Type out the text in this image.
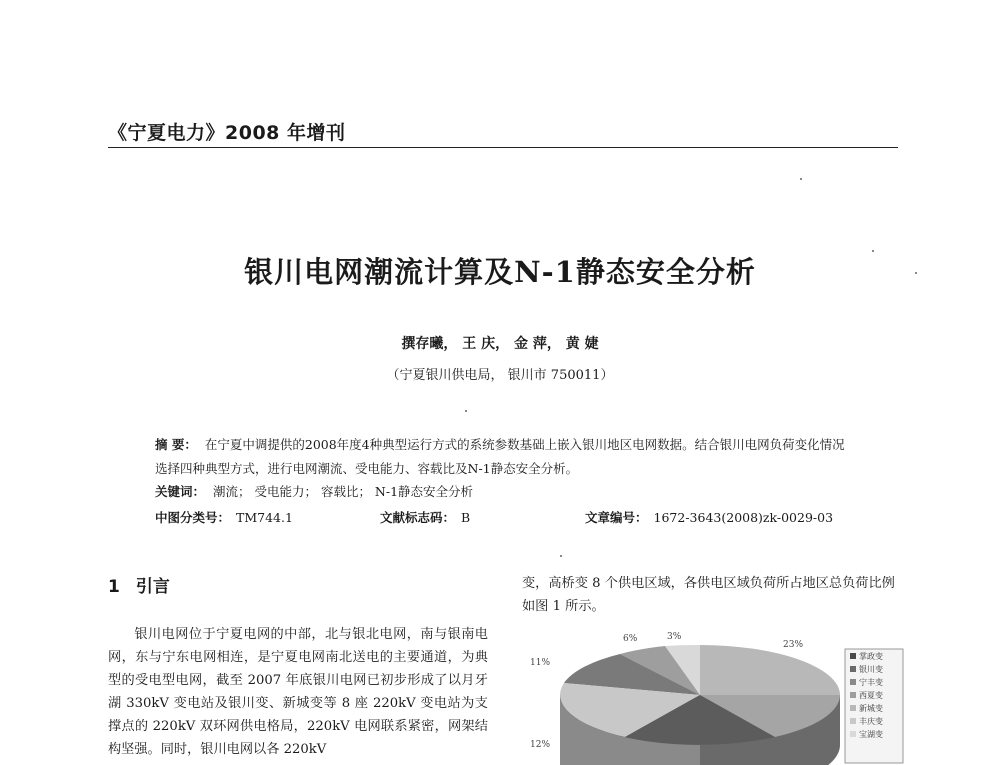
《宁夏电力》2008 年增刊
银川电网潮流计算及N-1静态安全分析
撰存曦， 王 庆， 金 萍， 黄 婕
（宁夏银川供电局， 银川市 750011）
摘 要： 在宁夏中调提供的2008年度4种典型运行方式的系统参数基础上嵌入银川地区电网数据。结合银川电网负荷变化情况选择四种典型方式，进行电网潮流、受电能力、容载比及N-1静态安全分析。
关键词： 潮流； 受电能力； 容载比； N-1静态安全分析
中图分类号： TM744.1	文献标志码： B	文章编号： 1672-3643(2008)zk-0029-03
1 引言

银川电网位于宁夏电网的中部，北与银北电网，南与银南电网，东与宁东电网相连，是宁夏电网南北送电的主要通道，为典型的受电型电网，截至 2007 年底银川电网已初步形成了以月牙湖 330kV 变电站及银川变、新城变等 8 座 220kV 变电站为支撑点的 220kV 双环网供电格局，220kV 电网联系紧密，网架结构坚强。同时，银川电网以各 220kV

变，高桥变 8 个供电区域，各供电区域负荷所占地区总负荷比例如图 1 所示。

23%
3%
6%
11%
12%
掌政变
银川变
宁丰变
西夏变
新城变
丰庆变
宝湖变
